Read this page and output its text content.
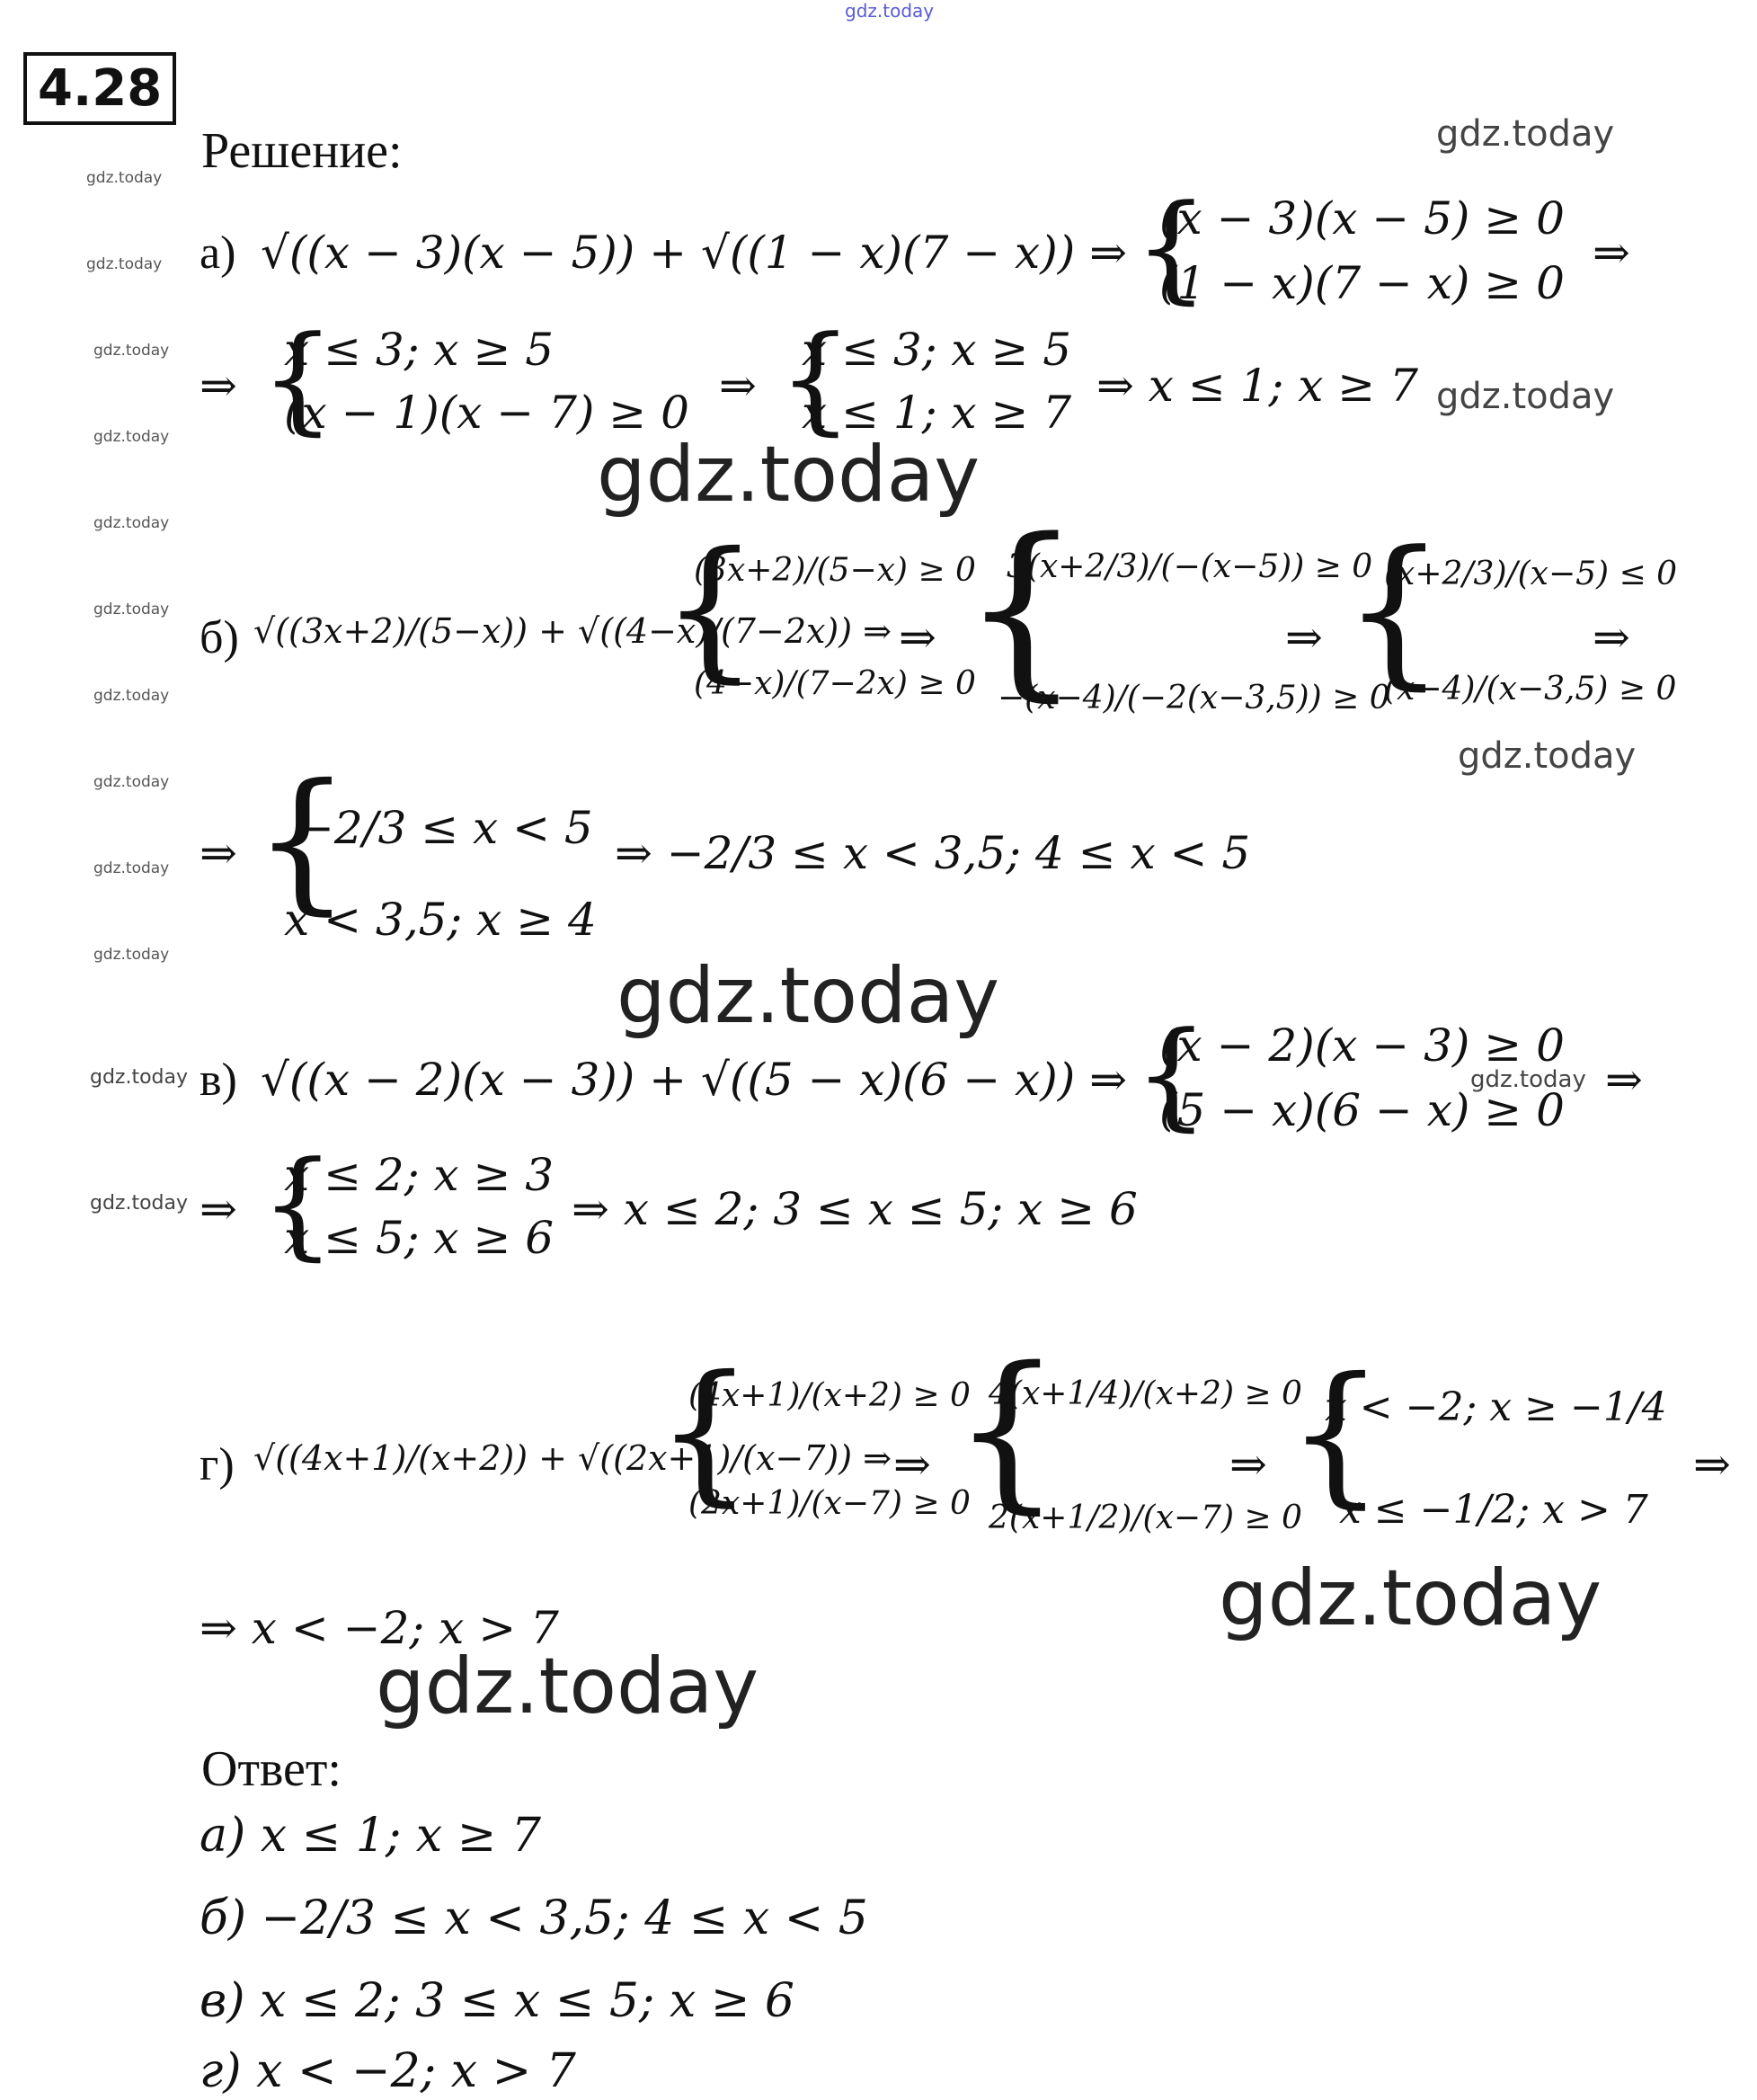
gdz.today
4.28
gdz.today
gdz.today
gdz.today
gdz.today
gdz.today
gdz.today
gdz.today
gdz.today
gdz.today
gdz.today
gdz.today
gdz.today
gdz.today
gdz.today
gdz.today
gdz.today
gdz.today
gdz.today
gdz.today
gdz.today
Решение:
а) √((x − 3)(x − 5)) + √((1 − x)(7 − x)) ⇒ {
(x − 3)(x − 5) ≥ 0
(1 − x)(7 − x) ≥ 0
⇒
⇒ {
x ≤ 3; x ≥ 5
(x − 1)(x − 7) ≥ 0
⇒ {
x ≤ 3; x ≥ 5
x ≤ 1; x ≥ 7
⇒ x ≤ 1; x ≥ 7
б) √((3x+2)/(5−x)) + √((4−x)/(7−2x)) ⇒
{
(3x+2)/(5−x) ≥ 0
(4−x)/(7−2x) ≥ 0
⇒ {
3(x+2/3)/(−(x−5)) ≥ 0
−(x−4)/(−2(x−3,5)) ≥ 0
⇒ {
(x+2/3)/(x−5) ≤ 0
(x−4)/(x−3,5) ≥ 0
⇒
⇒ {
−2/3 ≤ x < 5
x < 3,5; x ≥ 4
⇒ −2/3 ≤ x < 3,5; 4 ≤ x < 5
в) √((x − 2)(x − 3)) + √((5 − x)(6 − x)) ⇒ {
(x − 2)(x − 3) ≥ 0
(5 − x)(6 − x) ≥ 0
⇒
⇒ {
x ≤ 2; x ≥ 3
x ≤ 5; x ≥ 6
⇒ x ≤ 2; 3 ≤ x ≤ 5; x ≥ 6
г) √((4x+1)/(x+2)) + √((2x+1)/(x−7)) ⇒
{
(4x+1)/(x+2) ≥ 0
(2x+1)/(x−7) ≥ 0
⇒ {
4(x+1/4)/(x+2) ≥ 0
2(x+1/2)/(x−7) ≥ 0
⇒ {
x < −2; x ≥ −1/4
x ≤ −1/2; x > 7
⇒
⇒ x < −2; x > 7
Ответ:
а) x ≤ 1; x ≥ 7
б) −2/3 ≤ x < 3,5; 4 ≤ x < 5
в) x ≤ 2; 3 ≤ x ≤ 5; x ≥ 6
г) x < −2; x > 7
